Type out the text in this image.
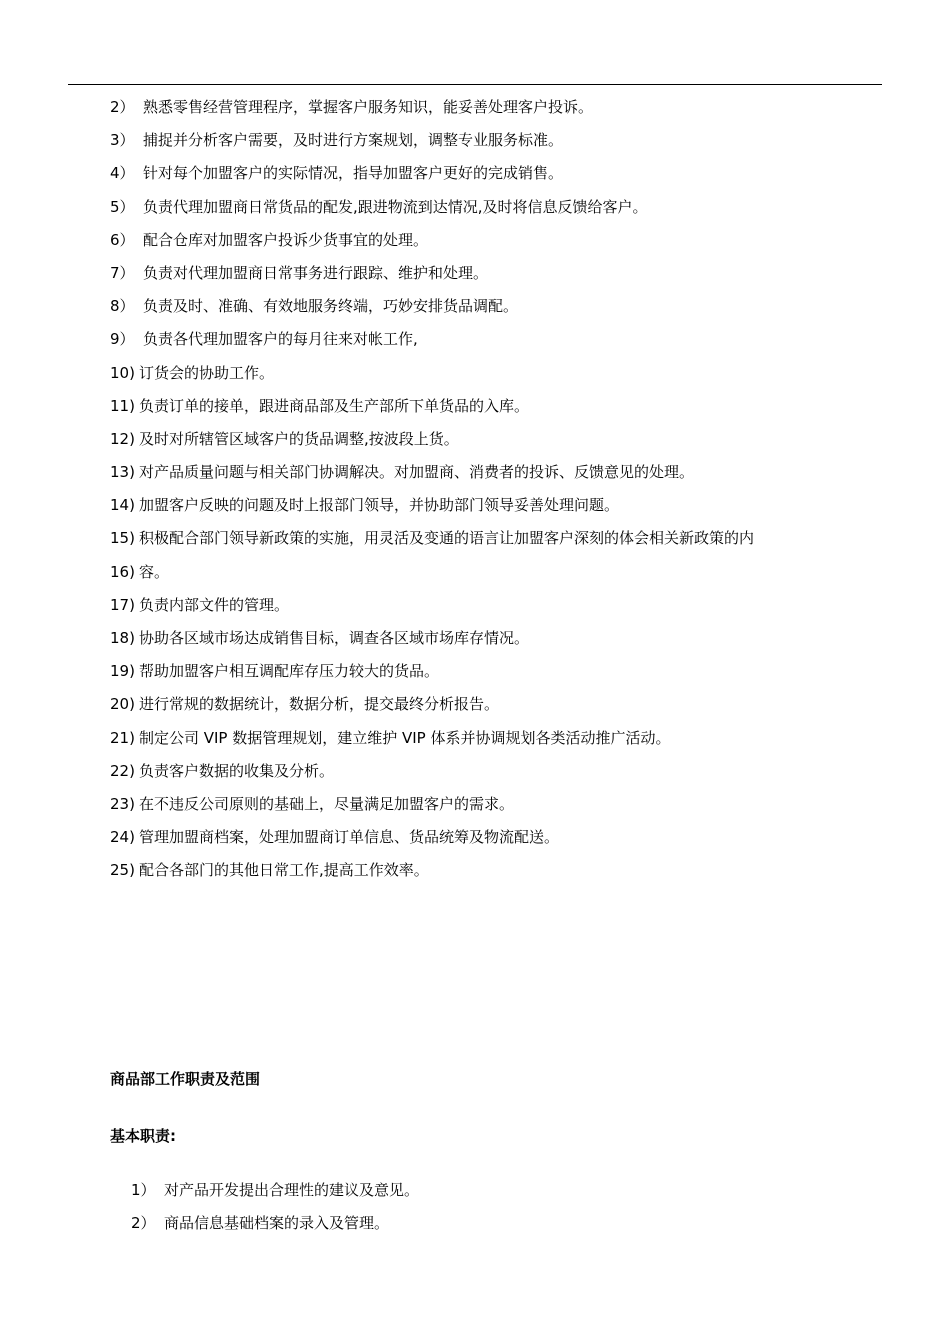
2） 熟悉零售经营管理程序，掌握客户服务知识，能妥善处理客户投诉。
3） 捕捉并分析客户需要，及时进行方案规划，调整专业服务标准。
4） 针对每个加盟客户的实际情况，指导加盟客户更好的完成销售。
5） 负责代理加盟商日常货品的配发,跟进物流到达情况,及时将信息反馈给客户。
6） 配合仓库对加盟客户投诉少货事宜的处理。
7） 负责对代理加盟商日常事务进行跟踪、维护和处理。
8） 负责及时、准确、有效地服务终端，巧妙安排货品调配。
9） 负责各代理加盟客户的每月往来对帐工作,
10) 订货会的协助工作。
11) 负责订单的接单，跟进商品部及生产部所下单货品的入库。
12) 及时对所辖管区域客户的货品调整,按波段上货。
13) 对产品质量问题与相关部门协调解决。对加盟商、消费者的投诉、反馈意见的处理。
14) 加盟客户反映的问题及时上报部门领导，并协助部门领导妥善处理问题。
15) 积极配合部门领导新政策的实施，用灵活及变通的语言让加盟客户深刻的体会相关新政策的内
16) 容。
17) 负责内部文件的管理。
18) 协助各区域市场达成销售目标，调查各区域市场库存情况。
19) 帮助加盟客户相互调配库存压力较大的货品。
20) 进行常规的数据统计，数据分析，提交最终分析报告。
21) 制定公司 VIP 数据管理规划，建立维护 VIP 体系并协调规划各类活动推广活动。
22) 负责客户数据的收集及分析。
23) 在不违反公司原则的基础上，尽量满足加盟客户的需求。
24) 管理加盟商档案，处理加盟商订单信息、货品统筹及物流配送。
25) 配合各部门的其他日常工作,提高工作效率。
商品部工作职责及范围
基本职责:
1） 对产品开发提出合理性的建议及意见。
2） 商品信息基础档案的录入及管理。
